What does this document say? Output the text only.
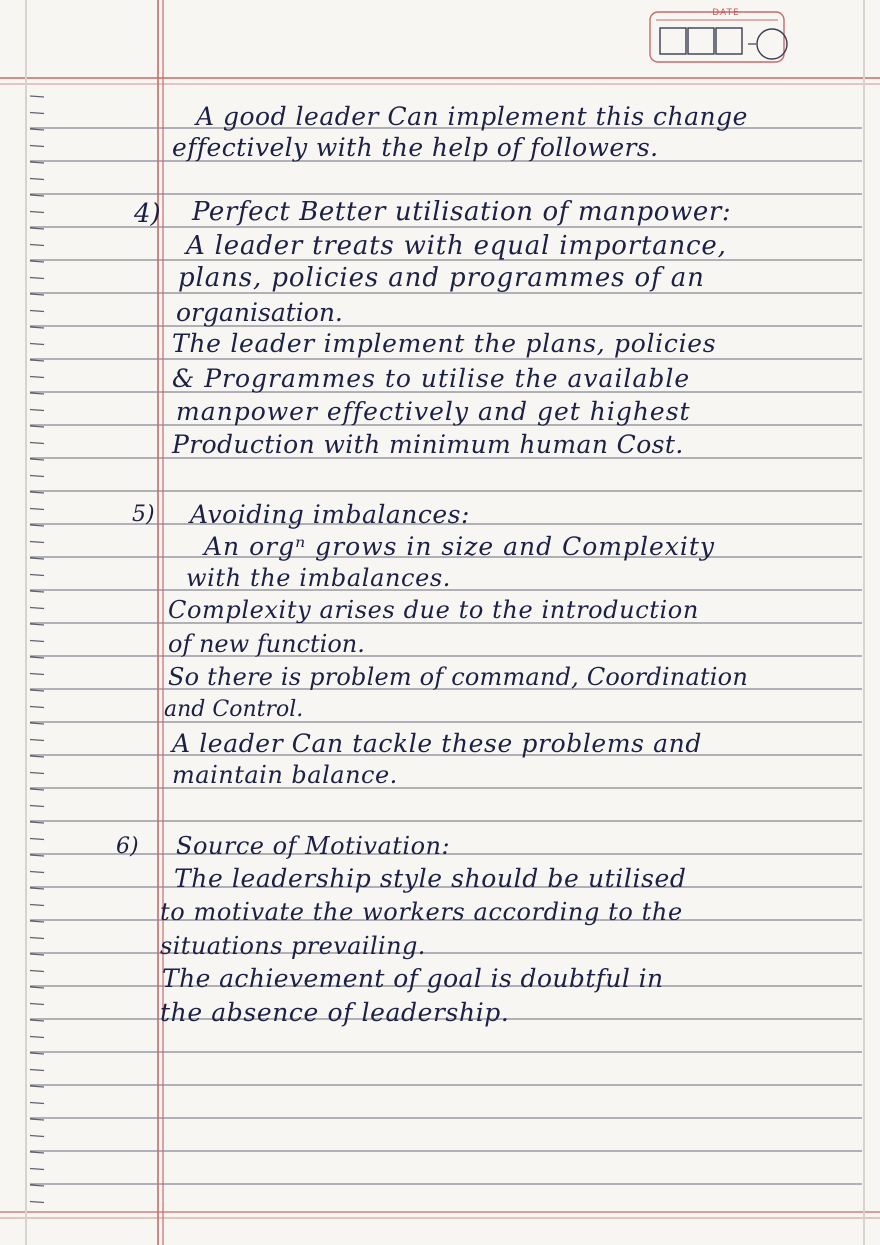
DATE
A good leader Can implement this change
effectively with the help of followers.
4) Perfect Better utilisation of manpower:
A leader treats with equal importance,
plans, policies and programmes of an
organisation.
The leader implement the plans, policies
& Programmes to utilise the available
manpower effectively and get highest
Production with minimum human Cost.
5) Avoiding imbalances:
An orgⁿ grows in size and Complexity
with the imbalances.
Complexity arises due to the introduction
of new function.
So there is problem of command, Coordination
and Control.
A leader Can tackle these problems and
maintain balance.
6) Source of Motivation:
The leadership style should be utilised
to motivate the workers according to the
situations prevailing.
The achievement of goal is doubtful in
the absence of leadership.
